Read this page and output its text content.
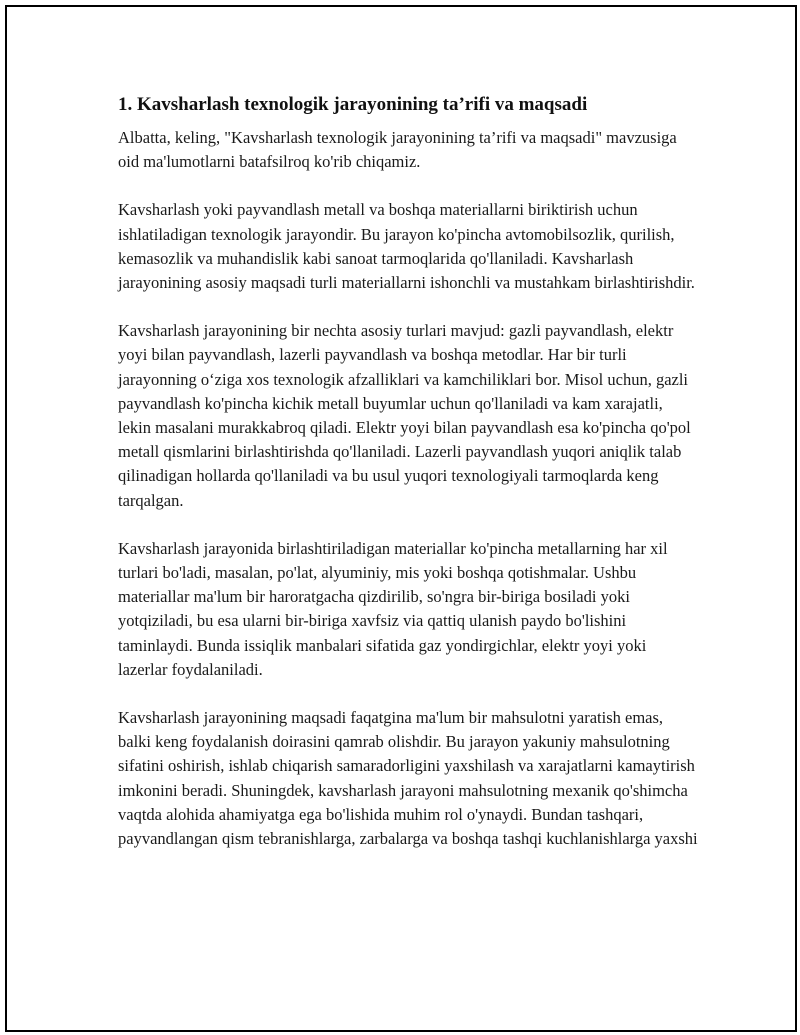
1. Kavsharlash texnologik jarayonining ta’rifi va maqsadi

Albatta, keling, "Kavsharlash texnologik jarayonining ta’rifi va maqsadi" mavzusiga oid ma'lumotlarni batafsilroq ko'rib chiqamiz.

Kavsharlash yoki payvandlash metall va boshqa materiallarni biriktirish uchun ishlatiladigan texnologik jarayondir. Bu jarayon ko'pincha avtomobilsozlik, qurilish, kemasozlik va muhandislik kabi sanoat tarmoqlarida qo'llaniladi. Kavsharlash jarayonining asosiy maqsadi turli materiallarni ishonchli va mustahkam birlashtirishdir.

Kavsharlash jarayonining bir nechta asosiy turlari mavjud: gazli payvandlash, elektr yoyi bilan payvandlash, lazerli payvandlash va boshqa metodlar. Har bir turli jarayonning o‘ziga xos texnologik afzalliklari va kamchiliklari bor. Misol uchun, gazli payvandlash ko'pincha kichik metall buyumlar uchun qo'llaniladi va kam xarajatli, lekin masalani murakkabroq qiladi. Elektr yoyi bilan payvandlash esa ko'pincha qo'pol metall qismlarini birlashtirishda qo'llaniladi. Lazerli payvandlash yuqori aniqlik talab qilinadigan hollarda qo'llaniladi va bu usul yuqori texnologiyali tarmoqlarda keng tarqalgan.

Kavsharlash jarayonida birlashtiriladigan materiallar ko'pincha metallarning har xil turlari bo'ladi, masalan, po'lat, alyuminiy, mis yoki boshqa qotishmalar. Ushbu materiallar ma'lum bir haroratgacha qizdirilib, so'ngra bir-biriga bosiladi yoki yotqiziladi, bu esa ularni bir-biriga xavfsiz via qattiq ulanish paydo bo'lishini taminlaydi. Bunda issiqlik manbalari sifatida gaz yondirgichlar, elektr yoyi yoki lazerlar foydalaniladi.

Kavsharlash jarayonining maqsadi faqatgina ma'lum bir mahsulotni yaratish emas, balki keng foydalanish doirasini qamrab olishdir. Bu jarayon yakuniy mahsulotning sifatini oshirish, ishlab chiqarish samaradorligini yaxshilash va xarajatlarni kamaytirish imkonini beradi. Shuningdek, kavsharlash jarayoni mahsulotning mexanik qo'shimcha vaqtda alohida ahamiyatga ega bo'lishida muhim rol o'ynaydi. Bundan tashqari, payvandlangan qism tebranishlarga, zarbalarga va boshqa tashqi kuchlanishlarga yaxshi
